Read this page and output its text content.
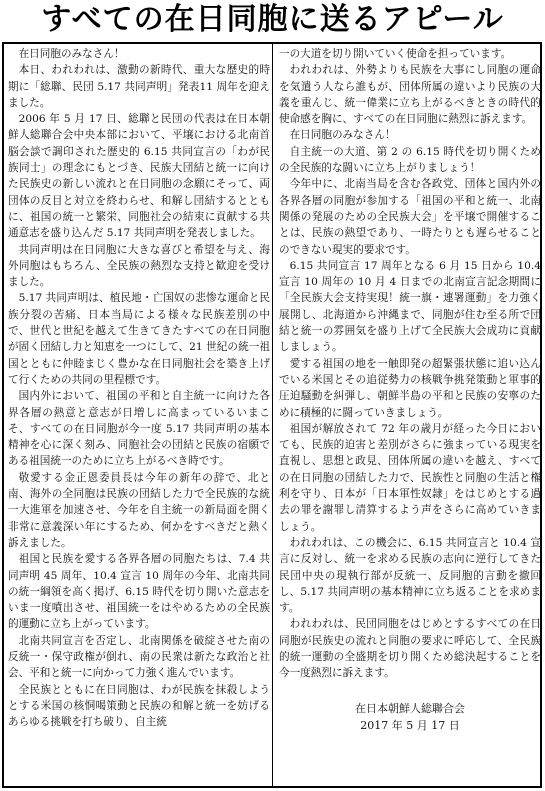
すべての在日同胞に送るアピール

在日同胞のみなさん！

本日、われわれは、激動の新時代、重大な歴史的時期に「総聯、民団 5.17 共同声明」発表11 周年を迎えました。

2006 年 5 月 17 日、総聯と民団の代表は在日本朝鮮人総聯合会中央本部において、平壌における北南首脳会談で調印された歴史的 6.15 共同宣言の「わが民族同士」の理念にもとづき、民族大団結と統一に向けた民族史の新しい流れと在日同胞の念願にそって、両団体の反目と対立を終わらせ、和解し団結するとともに、祖国の統一と繁栄、同胞社会の結束に貢献する共通意志を盛り込んだ 5.17 共同声明を発表しました。

共同声明は在日同胞に大きな喜びと希望を与え、海外同胞はもちろん、全民族の熱烈な支持と歓迎を受けました。

5.17 共同声明は、植民地・亡国奴の悲惨な運命と民族分裂の苦痛、日本当局による様々な民族差別の中で、世代と世紀を越えて生きてきたすべての在日同胞が固く団結し力と知恵を一つにして、21 世紀の統一祖国とともに仲睦まじく豊かな在日同胞社会を築き上げて行くための共同の里程標です。

国内外において、祖国の平和と自主統一に向けた各界各層の熱意と意志が日増しに高まっているいまこそ、すべての在日同胞が今一度 5.17 共同声明の基本精神を心に深く刻み、同胞社会の団結と民族の宿願である祖国統一のために立ち上がるべき時です。

敬愛する金正恩委員長は今年の新年の辞で、北と南、海外の全同胞は民族の団結した力で全民族的な統一大進軍を加速させ、今年を自主統一の新局面を開く非常に意義深い年にするため、何かをすべきだと熱く訴えました。

祖国と民族を愛する各界各層の同胞たちは、7.4 共同声明 45 周年、10.4 宣言 10 周年の今年、北南共同の統一綱領を高く掲げ、6.15 時代を切り開いた意志をいま一度噴出させ、祖国統一をはやめるための全民族的運動に立ち上がっています。

北南共同宣言を否定し、北南関係を破綻させた南の反統一・保守政権が倒れ、南の民衆は新たな政治と社会、平和と統一に向かって力強く進んでいます。

全民族とともに在日同胞は、わが民族を抹殺しようとする米国の核恫喝策動と民族の和解と統一を妨げるあらゆる挑戦を打ち破り、自主統

一の大道を切り開いていく使命を担っています。

われわれは、外勢よりも民族を大事にし同胞の運命を気遣う人なら誰もが、団体所属の違いより民族の大義を重んじ、統一偉業に立ち上がるべきときの時代的使命感を胸に、すべての在日同胞に熱烈に訴えます。

在日同胞のみなさん！

自主統一の大道、第 2 の 6.15 時代を切り開くための全民族的な闘いに立ち上がりましょう！

今年中に、北南当局を含む各政党、団体と国内外の各界各層の同胞が参加する「祖国の平和と統一、北南関係の発展のための全民族大会」を平壌で開催することは、民族の熱望であり、一時たりとも遅らせることのできない現実的要求です。

6.15 共同宣言 17 周年となる 6 月 15 日から 10.4 宣言 10 周年の 10 月 4 日までの北南宣言記念期間に「全民族大会支持実現！統一旗・連署運動」を力強く展開し、北海道から沖縄まで、同胞が住む至る所で団結と統一の雰囲気を盛り上げて全民族大会成功に貢献しましょう。

愛する祖国の地を一触即発の超緊張状態に追い込んでいる米国とその追従勢力の核戦争挑発策動と軍事的圧迫騒動を糾弾し、朝鮮半島の平和と民族の安寧のために積極的に闘っていきましょう。

祖国が解放されて 72 年の歳月が経った今日においても、民族的迫害と差別がさらに強まっている現実を直視し、思想と政見、団体所属の違いを越え、すべての在日同胞の団結した力で、民族性と同胞の生活と権利を守り、日本が「日本軍性奴隷」をはじめとする過去の罪を謝罪し清算するよう声をさらに高めていきましょう。

われわれは、この機会に、6.15 共同宣言と 10.4 宣言に反対し、統一を求める民族の志向に逆行してきた民団中央の現執行部が反統一、反同胞的言動を撤回し、5.17 共同声明の基本精神に立ち返ることを求めます。

われわれは、民団同胞をはじめとするすべての在日同胞が民族史の流れと同胞の要求に呼応して、全民族的統一運動の全盛期を切り開くため総決起することを今一度熱烈に訴えます。

在日本朝鮮人総聯合会
2017 年 5 月 17 日
